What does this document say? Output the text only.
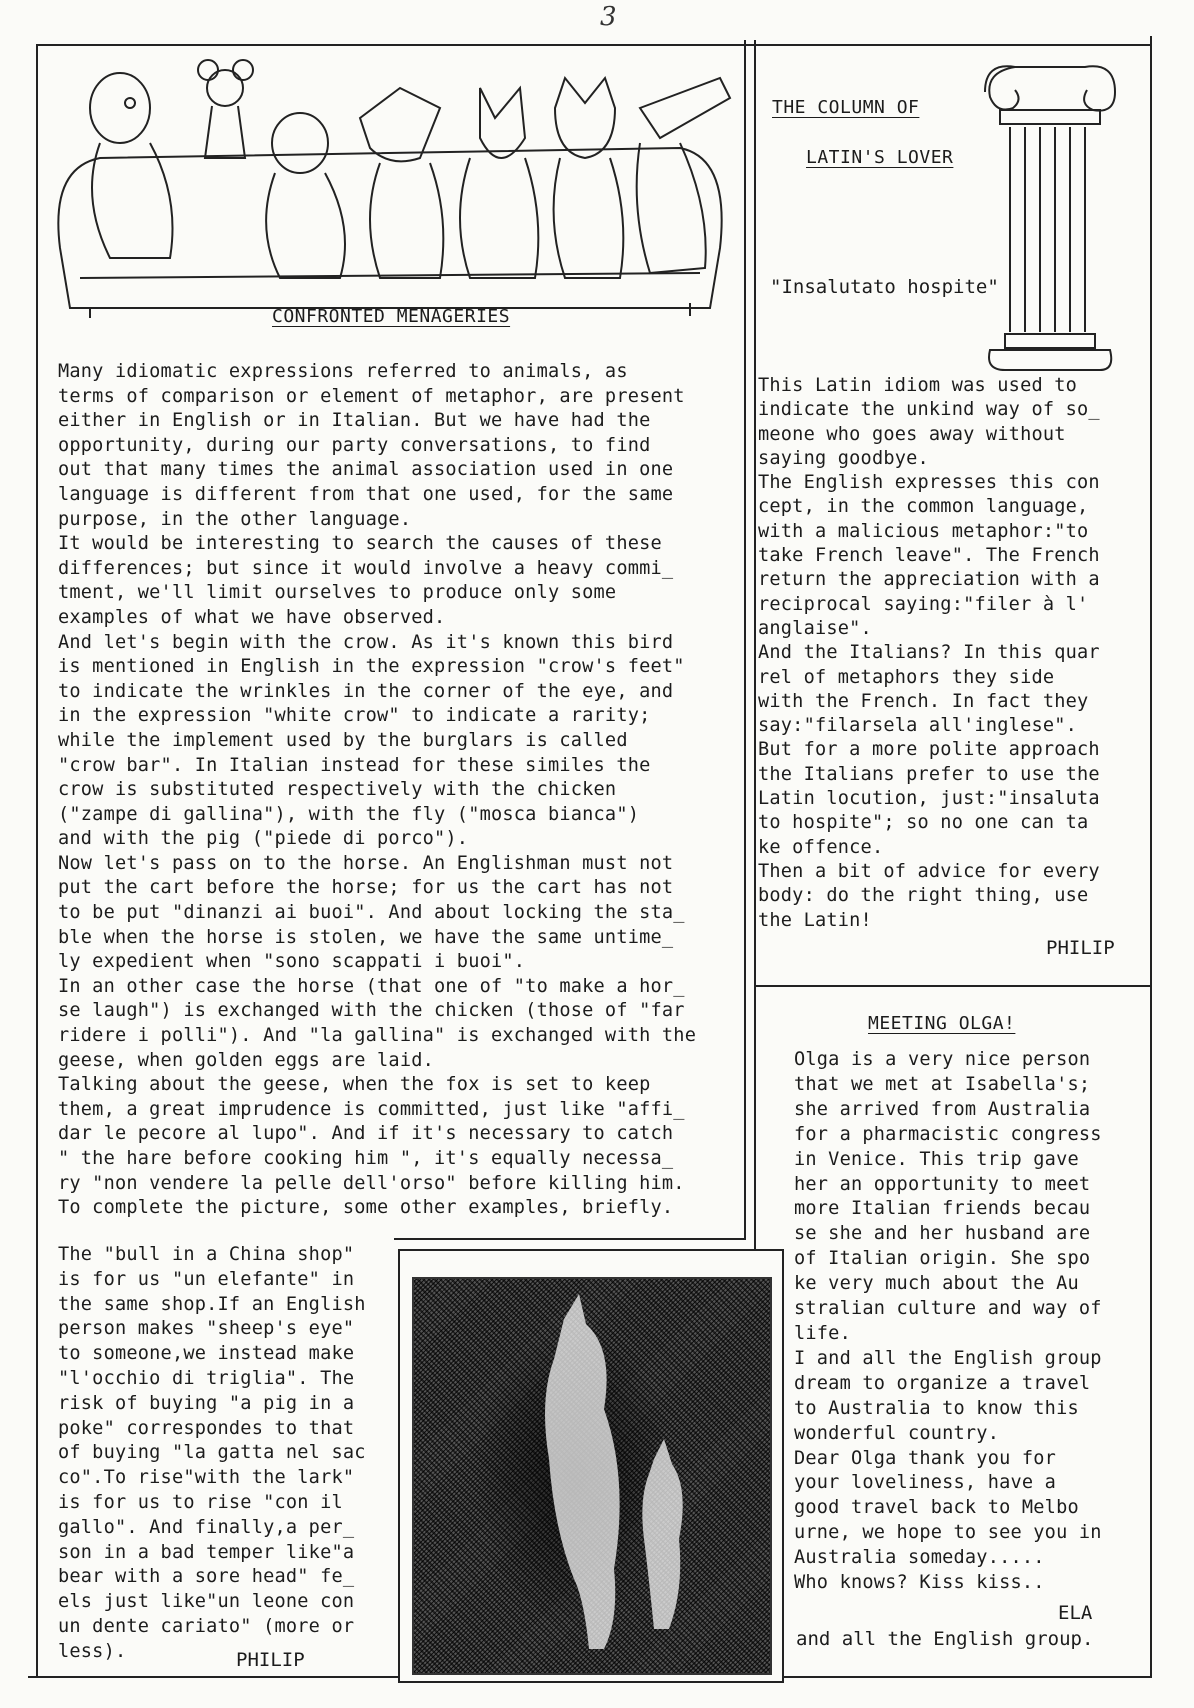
3
CONFRONTED MENAGERIES
Many idiomatic expressions referred to animals, as
terms of comparison or element of metaphor, are present
either in English or in Italian. But we have had the
opportunity, during our party conversations, to find
out that many times the animal association used in one
language is different from that one used, for the same
purpose, in the other language.
It would be interesting to search the causes of these
differences; but since it would involve a heavy commi_
tment, we'll limit ourselves to produce only some
examples of what we have observed.
And let's begin with the crow. As it's known this bird
is mentioned in English in the expression "crow's feet"
to indicate the wrinkles in the corner of the eye, and
in the expression "white crow" to indicate a rarity;
while the implement used by the burglars is called
"crow bar". In Italian instead for these similes the
crow is substituted respectively with the chicken
("zampe di gallina"), with the fly ("mosca bianca")
and with the pig ("piede di porco").
Now let's pass on to the horse. An Englishman must not
put the cart before the horse; for us the cart has not
to be put "dinanzi ai buoi". And about locking the sta_
ble when the horse is stolen, we have the same untime_
ly expedient when "sono scappati i buoi".
In an other case the horse (that one of "to make a hor_
se laugh") is exchanged with the chicken (those of "far
ridere i polli"). And "la gallina" is exchanged with the
geese, when golden eggs are laid.
Talking about the geese, when the fox is set to keep
them, a great imprudence is committed, just like "affi_
dar le pecore al lupo". And if it's necessary to catch
" the hare before cooking him ", it's equally necessa_
ry "non vendere la pelle dell'orso" before killing him.
To complete the picture, some other examples, briefly.
The "bull in a China shop"
is for us "un elefante" in
the same shop.If an English
person makes "sheep's eye"
to someone,we instead make
"l'occhio di triglia". The
risk of buying "a pig in a
poke" correspondes to that
of buying "la gatta nel sac
co".To rise"with the lark"
is for us to rise "con il
gallo". And finally,a per_
son in a bad temper like"a
bear with a sore head" fe_
els just like"un leone con
un dente cariato" (more or
less).	PHILIP
THE COLUMN OF
LATIN'S LOVER
"Insalutato hospite"
This Latin idiom was used to
indicate the unkind way of so_
meone who goes away without
saying goodbye.
The English expresses this con
cept, in the common language,
with a malicious metaphor:"to
take French leave". The French
return the appreciation with a
reciprocal saying:"filer à l'
anglaise".
And the Italians? In this quar
rel of metaphors they side
with the French. In fact they
say:"filarsela all'inglese".
But for a more polite approach
the Italians prefer to use the
Latin locution, just:"insaluta
to hospite"; so no one can ta
ke offence.
Then a bit of advice for every
body: do the right thing, use
the Latin!
PHILIP
MEETING OLGA!
Olga is a very nice person
that we met at Isabella's;
she arrived from Australia
for a pharmacistic congress
in Venice. This trip gave
her an opportunity to meet
more Italian friends becau
se she and her husband are
of Italian origin. She spo
ke very much about the Au
stralian culture and way of
life.
I and all the English group
dream to organize a travel
to Australia to know this
wonderful country.
Dear Olga thank you for
your loveliness, have a
good travel back to Melbo
urne, we hope to see you in
Australia someday.....
Who knows? Kiss kiss..
ELA
and all the English group.
